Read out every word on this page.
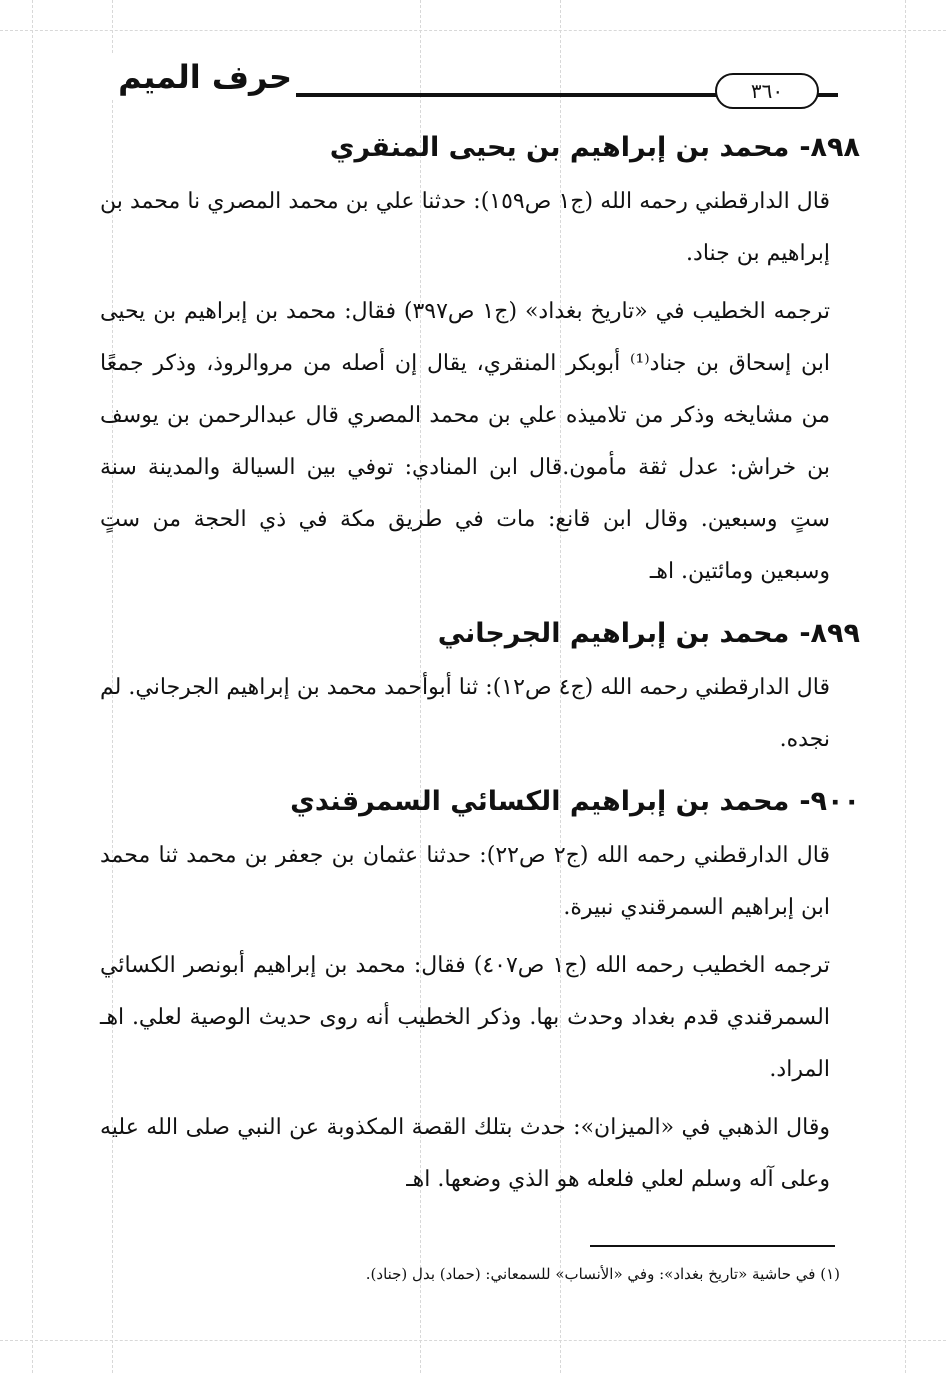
حرف الميم	٣٦٠
٨٩٨-محمد بن إبراهيم بن يحيى المنقري

قال الدارقطني رحمه الله (ج١ ص١٥٩): حدثنا علي بن محمد المصري نا محمد بن إبراهيم بن جناد.

ترجمه الخطيب في «تاريخ بغداد» (ج١ ص٣٩٧) فقال: محمد بن إبراهيم بن يحيى ابن إسحاق بن جناد⁽¹⁾ أبوبكر المنقري، يقال إن أصله من مروالروذ، وذكر جمعًا من مشايخه وذكر من تلاميذه علي بن محمد المصري قال عبدالرحمن بن يوسف بن خراش: عدل ثقة مأمون.قال ابن المنادي: توفي بين السيالة والمدينة سنة ستٍ وسبعين. وقال ابن قانع: مات في طريق مكة في ذي الحجة من ستٍ وسبعين ومائتين. اهـ

٨٩٩-محمد بن إبراهيم الجرجاني

قال الدارقطني رحمه الله (ج٤ ص١٢): ثنا أبوأحمد محمد بن إبراهيم الجرجاني. لم نجده.

٩٠٠-محمد بن إبراهيم الكسائي السمرقندي

قال الدارقطني رحمه الله (ج٢ ص٢٢): حدثنا عثمان بن جعفر بن محمد ثنا محمد ابن إبراهيم السمرقندي نبيرة.

ترجمه الخطيب رحمه الله (ج١ ص٤٠٧) فقال: محمد بن إبراهيم أبونصر الكسائي السمرقندي قدم بغداد وحدث بها. وذكر الخطيب أنه روى حديث الوصية لعلي. اهـ المراد.

وقال الذهبي في «الميزان»: حدث بتلك القصة المكذوبة عن النبي صلى الله عليه وعلى آله وسلم لعلي فلعله هو الذي وضعها. اهـ

(١) في حاشية «تاريخ بغداد»: وفي «الأنساب» للسمعاني: (حماد) بدل (جناد).
